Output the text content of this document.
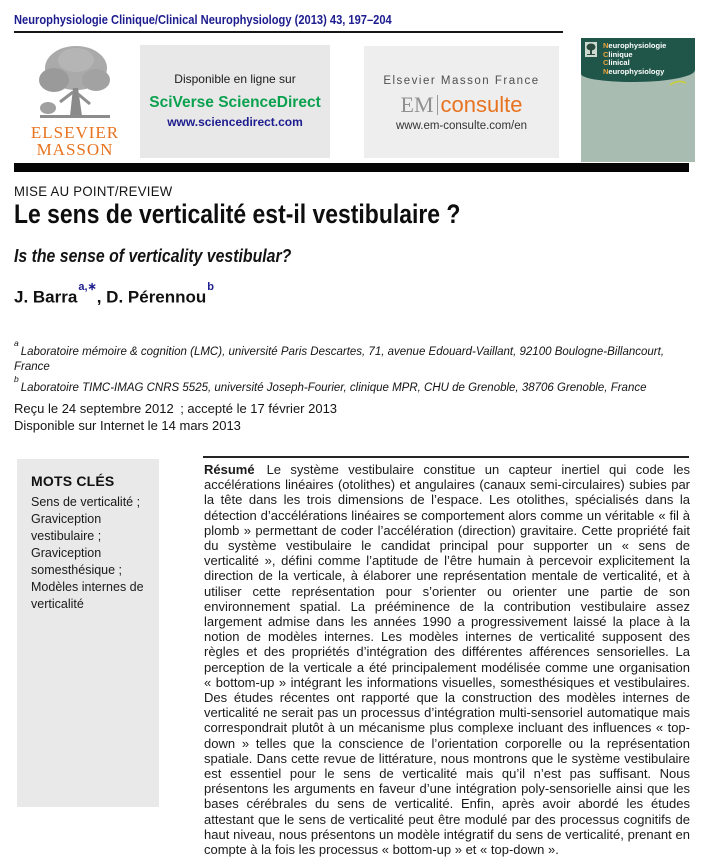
Neurophysiologie Clinique/Clinical Neurophysiology (2013) 43, 197–204
ELSEVIER
MASSON
Disponible en ligne sur
SciVerse ScienceDirect
www.sciencedirect.com
Elsevier Masson France
EM consulte
www.em-consulte.com/en
Neurophysiologie
Clinique
Clinical
Neurophysiology
MISE AU POINT/REVIEW
Le sens de verticalité est-il vestibulaire ?
Is the sense of verticality vestibular?
J. Barra$^{a,∗}$, D. Pérennou$^b$
$^a$Laboratoire mémoire & cognition (LMC), université Paris Descartes, 71, avenue Edouard-Vaillant, 92100 Boulogne-Billancourt, France
$^b$Laboratoire TIMC-IMAG CNRS 5525, université Joseph-Fourier, clinique MPR, CHU de Grenoble, 38706 Grenoble, France
Reçu le 24 septembre 2012 ; accepté le 17 février 2013
Disponible sur Internet le 14 mars 2013
MOTS CLÉS
Sens de verticalité ;
Graviception vestibulaire ;
Graviception somesthésique ;
Modèles internes de verticalité
Résumé Le système vestibulaire constitue un capteur inertiel qui code les accélérations linéaires (otolithes) et angulaires (canaux semi-circulaires) subies par la tête dans les trois dimensions de l’espace. Les otolithes, spécialisés dans la détection d’accélérations linéaires se comportement alors comme un véritable « fil à plomb » permettant de coder l’accélération (direction) gravitaire. Cette propriété fait du système vestibulaire le candidat principal pour supporter un « sens de verticalité », défini comme l’aptitude de l’être humain à percevoir explicitement la direction de la verticale, à élaborer une représentation mentale de verticalité, et à utiliser cette représentation pour s’orienter ou orienter une partie de son environnement spatial. La prééminence de la contribution vestibulaire assez largement admise dans les années 1990 a progressivement laissé la place à la notion de modèles internes. Les modèles internes de verticalité supposent des règles et des propriétés d’intégration des différentes afférences sensorielles. La perception de la verticale a été principalement modélisée comme une organisation « bottom-up » intégrant les informations visuelles, somesthésiques et vestibulaires. Des études récentes ont rapporté que la construction des modèles internes de verticalité ne serait pas un processus d’intégration multi-sensoriel automatique mais correspondrait plutôt à un mécanisme plus complexe incluant des influences « top-down » telles que la conscience de l’orientation corporelle ou la représentation spatiale. Dans cette revue de littérature, nous montrons que le système vestibulaire est essentiel pour le sens de verticalité mais qu’il n’est pas suffisant. Nous présentons les arguments en faveur d’une intégration poly-sensorielle ainsi que les bases cérébrales du sens de verticalité. Enfin, après avoir abordé les études attestant que le sens de verticalité peut être modulé par des processus cognitifs de haut niveau, nous présentons un modèle intégratif du sens de verticalité, prenant en compte à la fois les processus « bottom-up » et « top-down ».
